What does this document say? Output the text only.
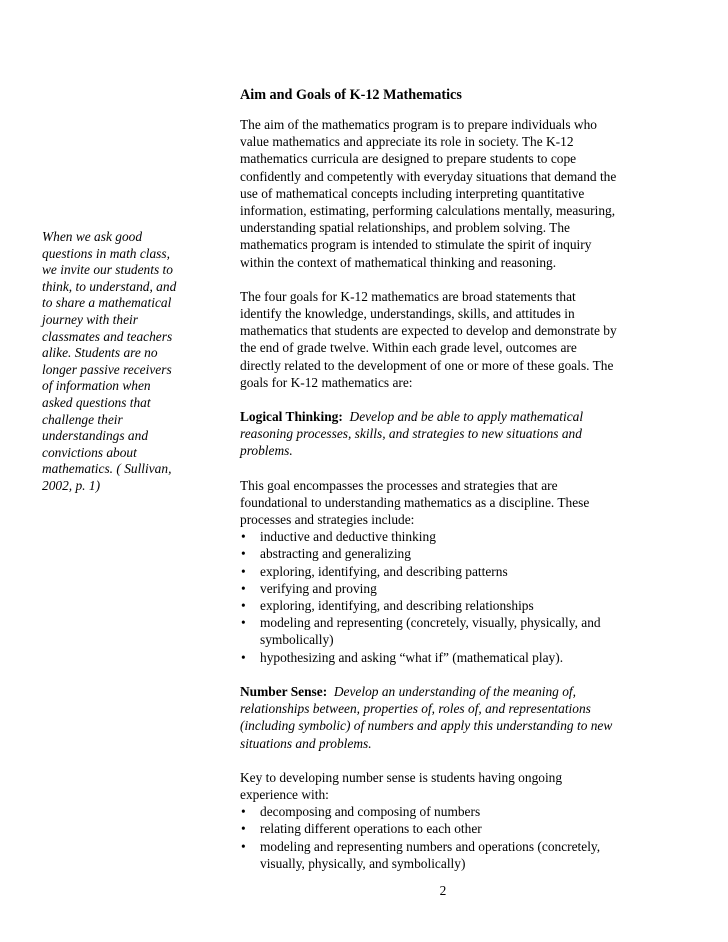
When we ask good
questions in math class,
we invite our students to
think, to understand, and
to share a mathematical
journey with their
classmates and teachers
alike. Students are no
longer passive receivers
of information when
asked questions that
challenge their
understandings and
convictions about
mathematics. ( Sullivan,
2002, p. 1)
Aim and Goals of K-12 Mathematics
The aim of the mathematics program is to prepare individuals who
value mathematics and appreciate its role in society. The K-12
mathematics curricula are designed to prepare students to cope
confidently and competently with everyday situations that demand the
use of mathematical concepts including interpreting quantitative
information, estimating, performing calculations mentally, measuring,
understanding spatial relationships, and problem solving. The
mathematics program is intended to stimulate the spirit of inquiry
within the context of mathematical thinking and reasoning.
The four goals for K-12 mathematics are broad statements that
identify the knowledge, understandings, skills, and attitudes in
mathematics that students are expected to develop and demonstrate by
the end of grade twelve. Within each grade level, outcomes are
directly related to the development of one or more of these goals. The
goals for K-12 mathematics are:
Logical Thinking: Develop and be able to apply mathematical
reasoning processes, skills, and strategies to new situations and
problems.
This goal encompasses the processes and strategies that are
foundational to understanding mathematics as a discipline. These
processes and strategies include:
• inductive and deductive thinking
• abstracting and generalizing
• exploring, identifying, and describing patterns
• verifying and proving
• exploring, identifying, and describing relationships
• modeling and representing (concretely, visually, physically, and
symbolically)
• hypothesizing and asking “what if” (mathematical play).
Number Sense: Develop an understanding of the meaning of,
relationships between, properties of, roles of, and representations
(including symbolic) of numbers and apply this understanding to new
situations and problems.
Key to developing number sense is students having ongoing
experience with:
• decomposing and composing of numbers
• relating different operations to each other
• modeling and representing numbers and operations (concretely,
visually, physically, and symbolically)
2
